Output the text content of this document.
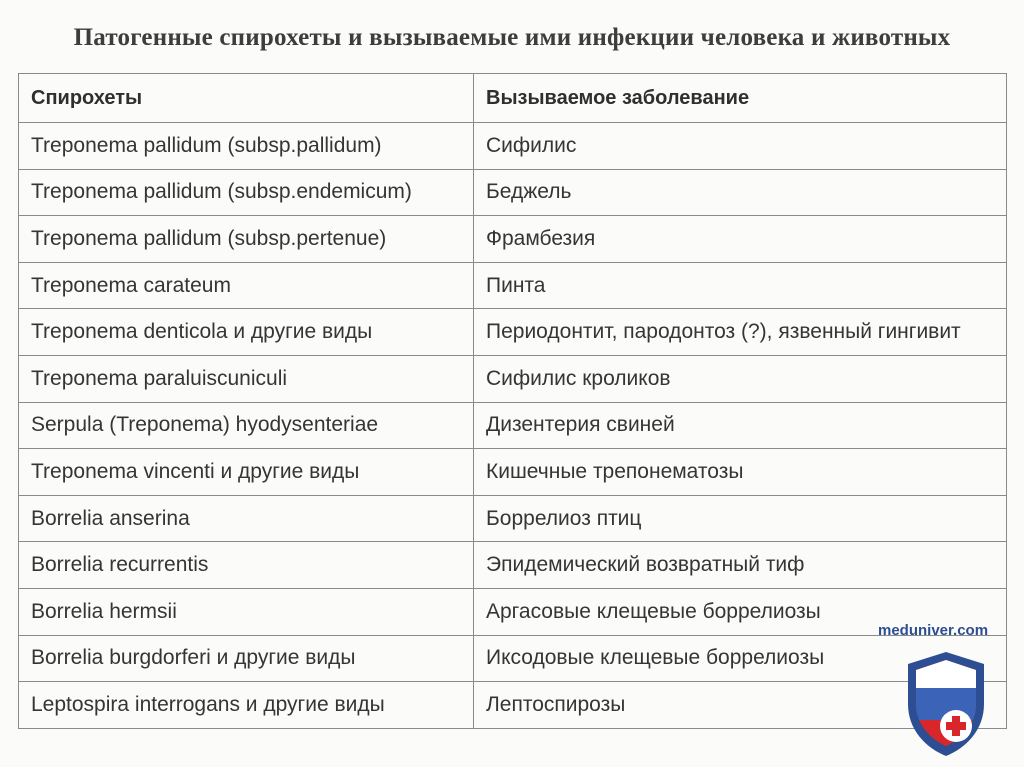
Патогенные спирохеты и вызываемые ими инфекции человека и животных
Спирохеты	Вызываемое заболевание
Treponema pallidum (subsp.pallidum)	Сифилис
Treponema pallidum (subsp.endemicum)	Беджель
Treponema pallidum (subsp.pertenue)	Фрамбезия
Treponema carateum	Пинта
Treponema denticola и другие виды	Периодонтит, пародонтоз (?), язвенный гингивит
Treponema paraluiscuniculi	Сифилис кроликов
Serpula (Treponema) hyodysenteriae	Дизентерия свиней
Treponema vincenti и другие виды	Кишечные трепонематозы
Borrelia anserina	Боррелиоз птиц
Borrelia recurrentis	Эпидемический возвратный тиф
Borrelia hermsii	Аргасовые клещевые боррелиозы
Borrelia burgdorferi и другие виды	Иксодовые клещевые боррелиозы
Leptospira interrogans и другие виды	Лептоспирозы
meduniver.com
